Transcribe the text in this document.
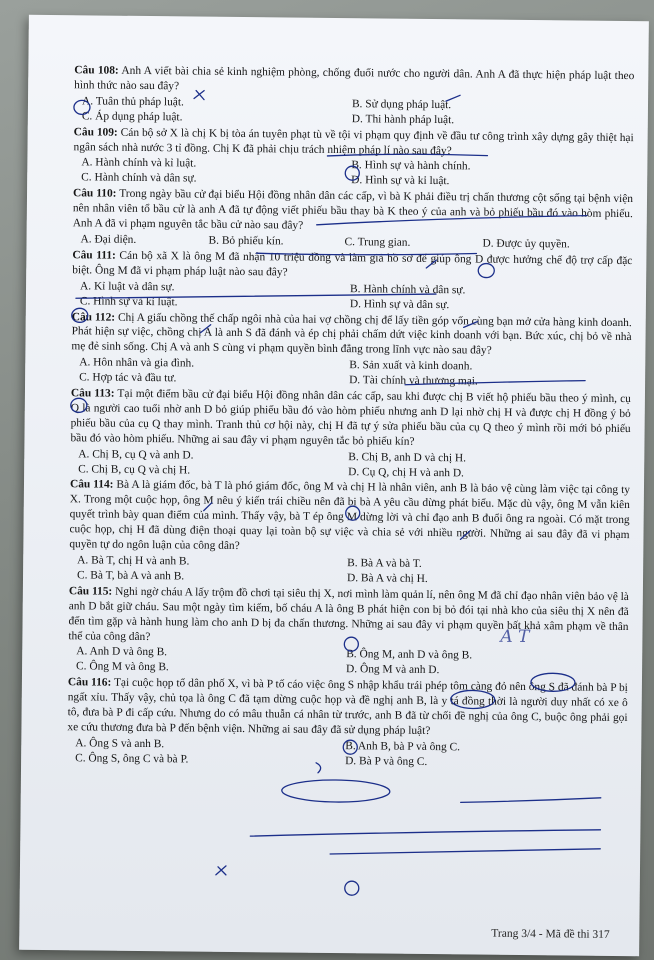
Câu 108: Anh A viết bài chia sẻ kinh nghiệm phòng, chống đuối nước cho người dân. Anh A đã thực hiện pháp luật theo hình thức nào sau đây?

A. Tuân thủ pháp luật.	B. Sử dụng pháp luật.
C. Áp dụng pháp luật.	D. Thi hành pháp luật.

Câu 109: Cán bộ sở X là chị K bị tòa án tuyên phạt tù về tội vi phạm quy định về đầu tư công trình xây dựng gây thiệt hại ngân sách nhà nước 3 tỉ đồng. Chị K đã phải chịu trách nhiệm pháp lí nào sau đây?

A. Hành chính và kỉ luật.	B. Hình sự và hành chính.
C. Hành chính và dân sự.	D. Hình sự và kỉ luật.

Câu 110: Trong ngày bầu cử đại biểu Hội đồng nhân dân các cấp, vì bà K phải điều trị chấn thương cột sống tại bệnh viện nên nhân viên tổ bầu cử là anh A đã tự động viết phiếu bầu thay bà K theo ý của anh và bỏ phiếu bầu đó vào hòm phiếu. Anh A đã vi phạm nguyên tắc bầu cử nào sau đây?

A. Đại diện.	B. Bỏ phiếu kín.	C. Trung gian.	D. Được ủy quyền.

Câu 111: Cán bộ xã X là ông M đã nhận 10 triệu đồng và làm giả hồ sơ để giúp ông D được hưởng chế độ trợ cấp đặc biệt. Ông M đã vi phạm pháp luật nào sau đây?

A. Kỉ luật và dân sự.	B. Hành chính và dân sự.
C. Hình sự và kỉ luật.	D. Hình sự và dân sự.

Câu 112: Chị A giấu chồng thế chấp ngôi nhà của hai vợ chồng chị để lấy tiền góp vốn cùng bạn mở cửa hàng kinh doanh. Phát hiện sự việc, chồng chị A là anh S đã đánh và ép chị phải chấm dứt việc kinh doanh với bạn. Bức xúc, chị bỏ về nhà mẹ đẻ sinh sống. Chị A và anh S cùng vi phạm quyền bình đẳng trong lĩnh vực nào sau đây?

A. Hôn nhân và gia đình.	B. Sản xuất và kinh doanh.
C. Hợp tác và đầu tư.	D. Tài chính và thương mại.

Câu 113: Tại một điểm bầu cử đại biểu Hội đồng nhân dân các cấp, sau khi được chị B viết hộ phiếu bầu theo ý mình, cụ Q là người cao tuổi nhờ anh D bỏ giúp phiếu bầu đó vào hòm phiếu nhưng anh D lại nhờ chị H và được chị H đồng ý bỏ phiếu bầu của cụ Q thay mình. Tranh thủ cơ hội này, chị H đã tự ý sửa phiếu bầu của cụ Q theo ý mình rồi mới bỏ phiếu bầu đó vào hòm phiếu. Những ai sau đây vi phạm nguyên tắc bỏ phiếu kín?

A. Chị B, cụ Q và anh D.	B. Chị B, anh D và chị H.
C. Chị B, cụ Q và chị H.	D. Cụ Q, chị H và anh D.

Câu 114: Bà A là giám đốc, bà T là phó giám đốc, ông M và chị H là nhân viên, anh B là bảo vệ cùng làm việc tại công ty X. Trong một cuộc họp, ông M nêu ý kiến trái chiều nên đã bị bà A yêu cầu dừng phát biểu. Mặc dù vậy, ông M vẫn kiên quyết trình bày quan điểm của mình. Thấy vậy, bà T ép ông M dừng lời và chỉ đạo anh B đuổi ông ra ngoài. Có mặt trong cuộc họp, chị H đã dùng điện thoại quay lại toàn bộ sự việc và chia sẻ với nhiều người. Những ai sau đây đã vi phạm quyền tự do ngôn luận của công dân?

A. Bà T, chị H và anh B.	B. Bà A và bà T.
C. Bà T, bà A và anh B.	D. Bà A và chị H.

Câu 115: Nghi ngờ cháu A lấy trộm đồ chơi tại siêu thị X, nơi mình làm quản lí, nên ông M đã chỉ đạo nhân viên bảo vệ là anh D bắt giữ cháu. Sau một ngày tìm kiếm, bố cháu A là ông B phát hiện con bị bỏ đói tại nhà kho của siêu thị X nên đã đến tìm gặp và hành hung làm cho anh D bị đa chấn thương. Những ai sau đây vi phạm quyền bất khả xâm phạm về thân thể của công dân?

A. Anh D và ông B.	B. Ông M, anh D và ông B.
C. Ông M và ông B.	D. Ông M và anh D.

Câu 116: Tại cuộc họp tổ dân phố X, vì bà P tố cáo việc ông S nhập khẩu trái phép tôm càng đỏ nên ông S đã đánh bà P bị ngất xỉu. Thấy vậy, chủ tọa là ông C đã tạm dừng cuộc họp và đề nghị anh B, là y tá đồng thời là người duy nhất có xe ô tô, đưa bà P đi cấp cứu. Nhưng do có mâu thuẫn cá nhân từ trước, anh B đã từ chối đề nghị của ông C, buộc ông phải gọi xe cứu thương đưa bà P đến bệnh viện. Những ai sau đây đã sử dụng pháp luật?

A. Ông S và anh B.	B. Anh B, bà P và ông C.
C. Ông S, ông C và bà P.	D. Bà P và ông C.
A T
Trang 3/4 - Mã đề thi 317
